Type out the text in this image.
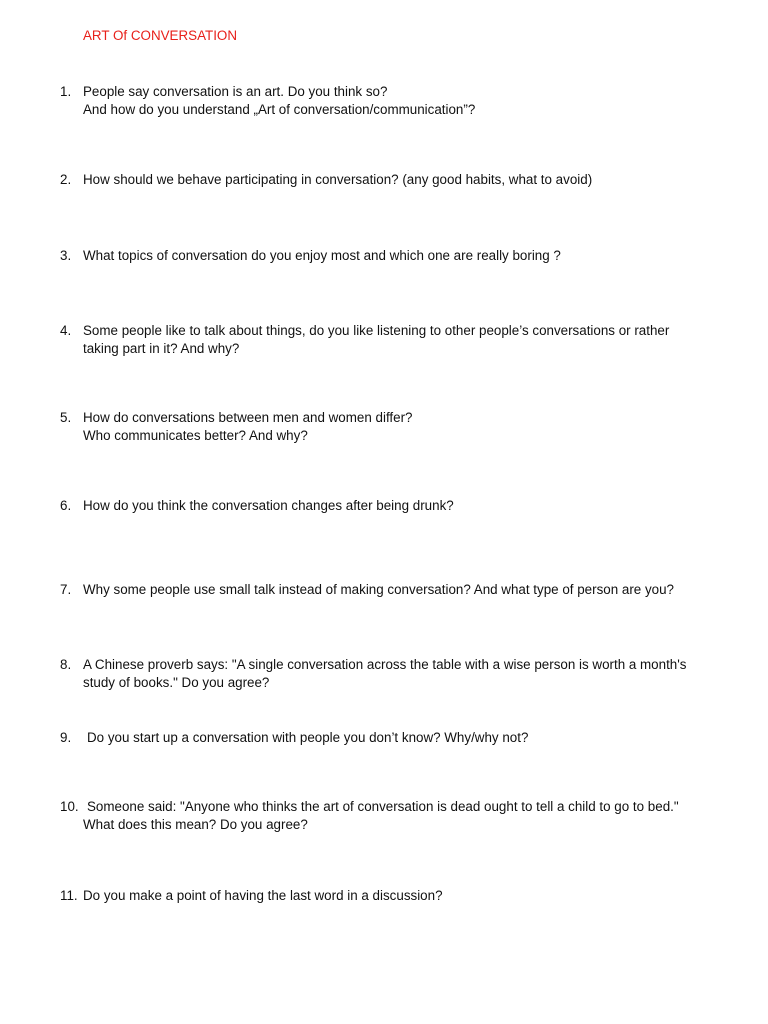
ART Of CONVERSATION
1. People say conversation is an art. Do you think so?
And how do you understand „Art of conversation/communication”?
2. How should we behave participating in conversation? (any good habits, what to avoid)
3. What topics of conversation do you enjoy most and which one are really boring ?
4. Some people like to talk about things, do you like listening to other people’s conversations or rather
taking part in it? And why?
5. How do conversations between men and women differ?
Who communicates better? And why?
6. How do you think the conversation changes after being drunk?
7. Why some people use small talk instead of making conversation? And what type of person are you?
8. A Chinese proverb says: "A single conversation across the table with a wise person is worth a month's
study of books." Do you agree?
9. Do you start up a conversation with people you don’t know? Why/why not?
10. Someone said: "Anyone who thinks the art of conversation is dead ought to tell a child to go to bed."
What does this mean? Do you agree?
11. Do you make a point of having the last word in a discussion?
